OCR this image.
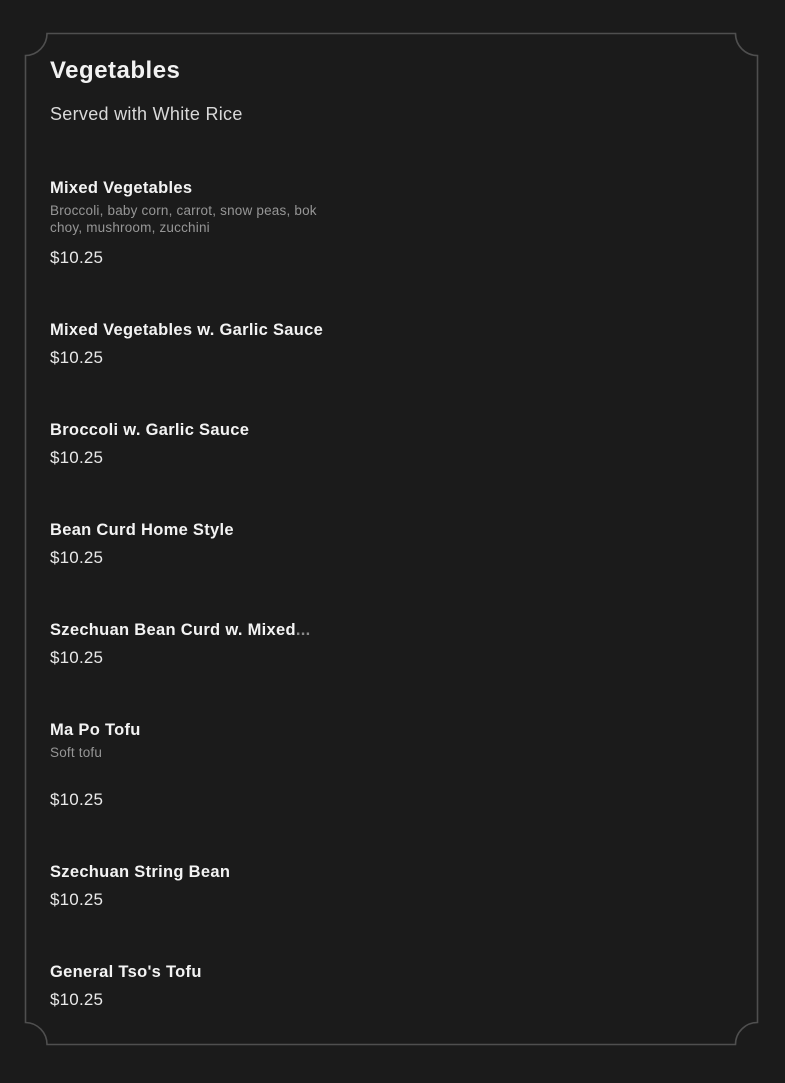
Vegetables
Served with White Rice
Mixed Vegetables
Broccoli, baby corn, carrot, snow peas, bok choy, mushroom, zucchini
$10.25
Mixed Vegetables w. Garlic Sauce
$10.25
Broccoli w. Garlic Sauce
$10.25
Bean Curd Home Style
$10.25
Szechuan Bean Curd w. Mixed...
$10.25
Ma Po Tofu
Soft tofu
$10.25
Szechuan String Bean
$10.25
General Tso's Tofu
$10.25
